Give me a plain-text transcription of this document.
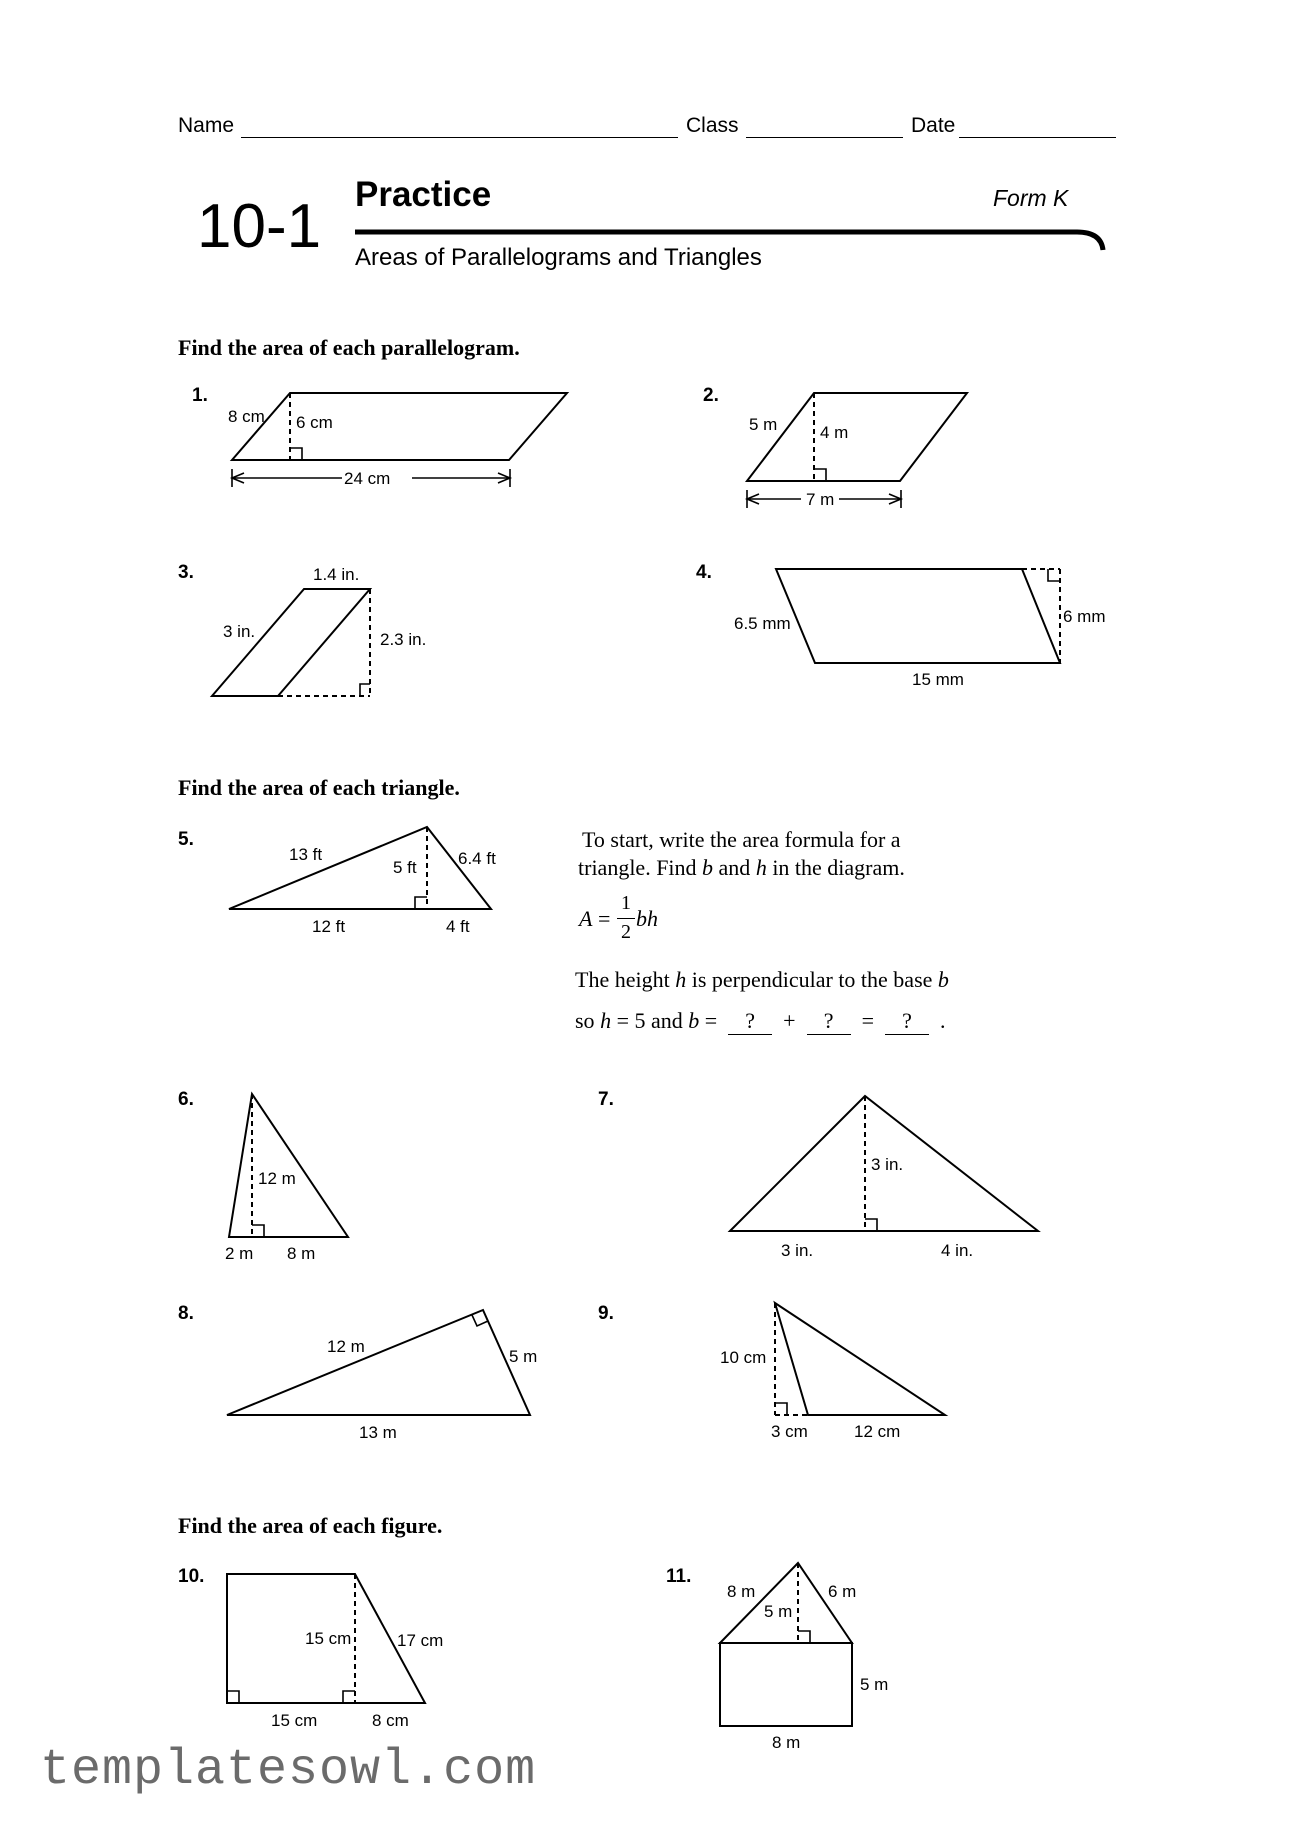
Name	Class	Date
10-1 Practice	Form K
Areas of Parallelograms and Triangles
Find the area of each parallelogram.
1.
8 cm 6 cm
24 cm
2.
5 m	4 m
7 m
3.	1.4 in.
3 in.	2.3 in.
4.
6.5 mm	6 mm
15 mm
Find the area of each triangle.
5.
13 ft
5 ft 6.4 ft
12 ft	4 ft
To start, write the area formula for a
triangle. Find b and h in the diagram.
A =
1
2
bh
The height h is perpendicular to the base b
so h = 5 and b = ? + ? = ? .
6.
12 m
2 m 8 m
7.
3 in.
3 in.	4 in.
8.
12 m
5 m
13 m
9.
10 cm
3 cm	12 cm
Find the area of each figure.
10.
15 cm	17 cm
15 cm	8 cm
11.
8 m	6 m
5 m
5 m
8 m
templatesowl.com
